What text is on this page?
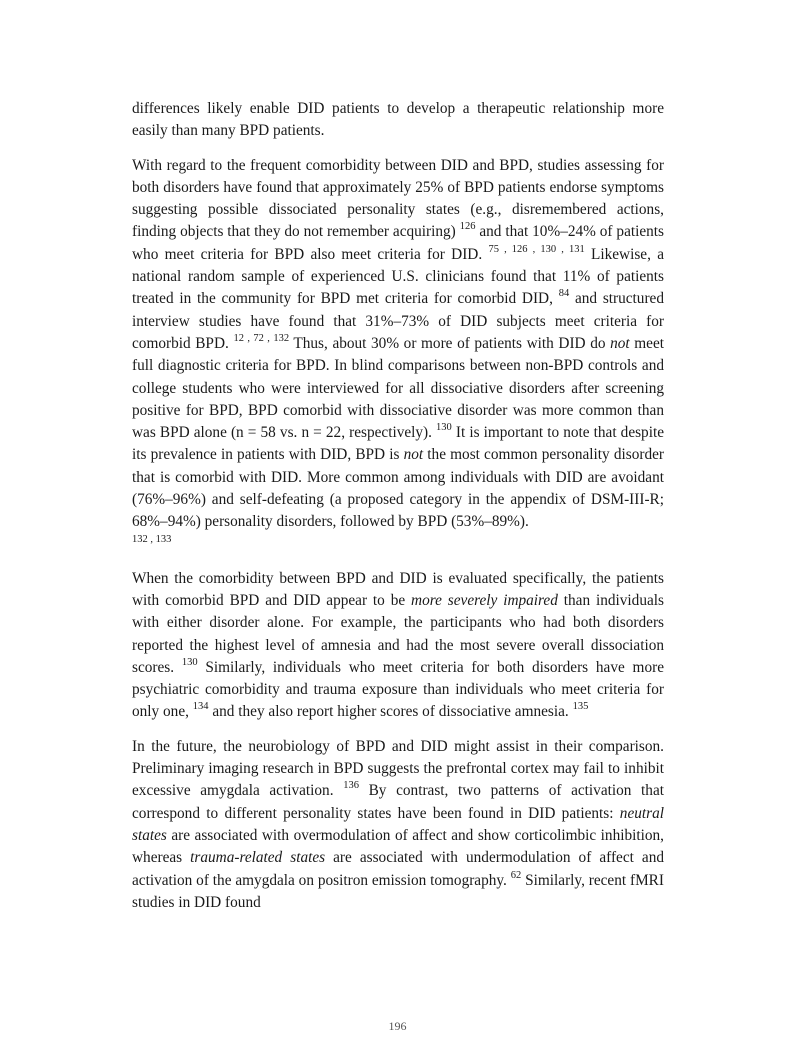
differences likely enable DID patients to develop a therapeutic relationship more easily than many BPD patients.

With regard to the frequent comorbidity between DID and BPD, studies assessing for both disorders have found that approximately 25% of BPD patients endorse symptoms suggesting possible dissociated personality states (e.g., disremembered actions, finding objects that they do not remember acquiring) $^{126}$ and that 10%–24% of patients who meet criteria for BPD also meet criteria for DID. $^{75 , 126 , 130 , 131}$ Likewise, a national random sample of experienced U.S. clinicians found that 11% of patients treated in the community for BPD met criteria for comorbid DID, $^{84}$ and structured interview studies have found that 31%–73% of DID subjects meet criteria for comorbid BPD. $^{12 , 72 , 132}$ Thus, about 30% or more of patients with DID do not meet full diagnostic criteria for BPD. In blind comparisons between non-BPD controls and college students who were interviewed for all dissociative disorders after screening positive for BPD, BPD comorbid with dissociative disorder was more common than was BPD alone (n = 58 vs. n = 22, respectively). $^{130}$ It is important to note that despite its prevalence in patients with DID, BPD is not the most common personality disorder that is comorbid with DID. More common among individuals with DID are avoidant (76%–96%) and self-defeating (a proposed category in the appendix of DSM-III-R; 68%–94%) personality disorders, followed by BPD (53%–89%).
132 , 133

When the comorbidity between BPD and DID is evaluated specifically, the patients with comorbid BPD and DID appear to be more severely impaired than individuals with either disorder alone. For example, the participants who had both disorders reported the highest level of amnesia and had the most severe overall dissociation scores. $^{130}$ Similarly, individuals who meet criteria for both disorders have more psychiatric comorbidity and trauma exposure than individuals who meet criteria for only one, $^{134}$ and they also report higher scores of dissociative amnesia. $^{135}$

In the future, the neurobiology of BPD and DID might assist in their comparison. Preliminary imaging research in BPD suggests the prefrontal cortex may fail to inhibit excessive amygdala activation. $^{136}$ By contrast, two patterns of activation that correspond to different personality states have been found in DID patients: neutral states are associated with overmodulation of affect and show corticolimbic inhibition, whereas trauma-related states are associated with undermodulation of affect and activation of the amygdala on positron emission tomography. $^{62}$ Similarly, recent fMRI studies in DID found

196
